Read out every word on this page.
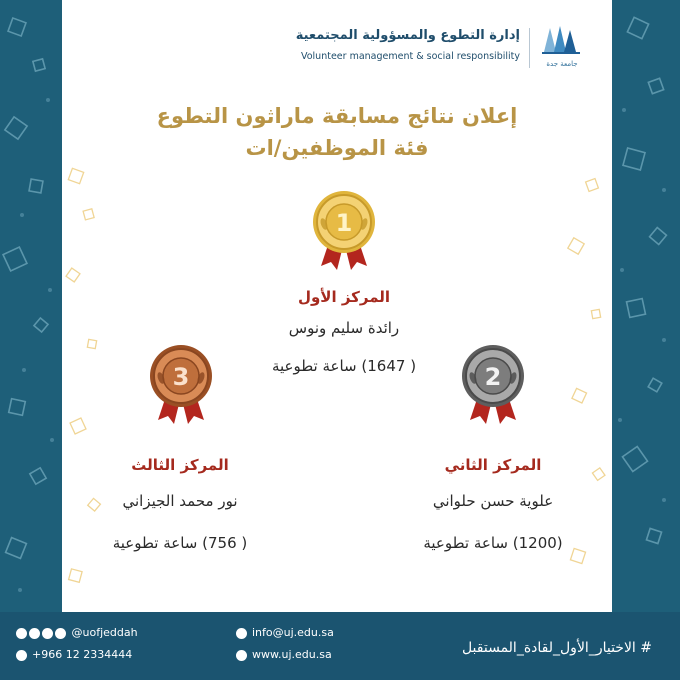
جامعة جدة
إدارة التطوع والمسؤولية المجتمعية
Volunteer management & social responsibility
إعلان نتائج مسابقة ماراثون التطوع
فئة الموظفين/ات
1
المركز الأول
رائدة سليم ونوس
( 1647) ساعة تطوعية	2
3
المركز الثاني
علوية حسن حلواني
(1200) ساعة تطوعية
المركز الثالث
نور محمد الجيزاني
( 756) ساعة تطوعية
@uofjeddah
+966 12 2334444
info@uj.edu.sa
www.uj.edu.sa	# الاختيار_الأول_لقادة_المستقبل
